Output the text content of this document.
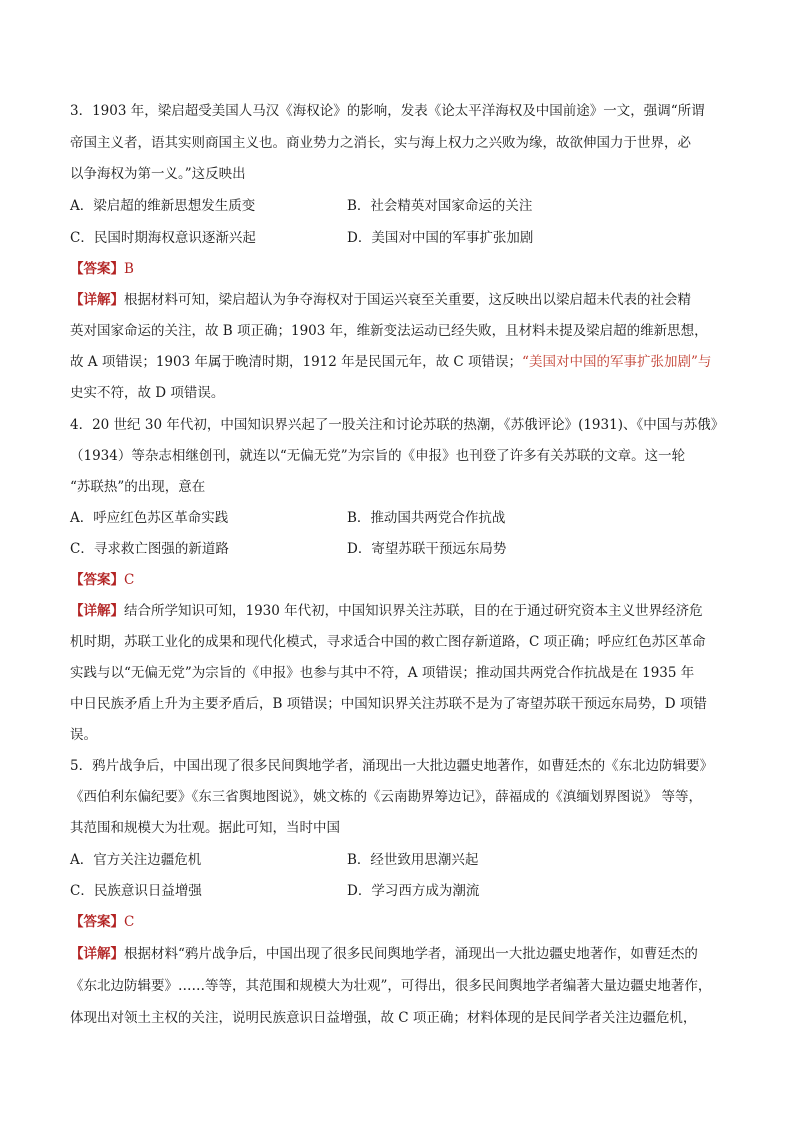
3．1903 年，梁启超受美国人马汉《海权论》的影响，发表《论太平洋海权及中国前途》一文，强调“所谓
帝国主义者，语其实则商国主义也。商业势力之消长，实与海上权力之兴败为缘，故欲伸国力于世界，必
以争海权为第一义。”这反映出
A．梁启超的维新思想发生质变	B．社会精英对国家命运的关注
C．民国时期海权意识逐渐兴起	D．美国对中国的军事扩张加剧
【答案】B
【详解】根据材料可知，梁启超认为争夺海权对于国运兴衰至关重要，这反映出以梁启超未代表的社会精
英对国家命运的关注，故 B 项正确；1903 年，维新变法运动已经失败，且材料未提及梁启超的维新思想，
故 A 项错误；1903 年属于晚清时期，1912 年是民国元年，故 C 项错误；“美国对中国的军事扩张加剧”与
史实不符，故 D 项错误。
4．20 世纪 30 年代初，中国知识界兴起了一股关注和讨论苏联的热潮，《苏俄评论》(1931)、《中国与苏俄》
（1934）等杂志相继创刊，就连以“无偏无党”为宗旨的《申报》也刊登了许多有关苏联的文章。这一轮
“苏联热”的出现，意在
A．呼应红色苏区革命实践	B．推动国共两党合作抗战
C．寻求救亡图强的新道路	D．寄望苏联干预远东局势
【答案】C
【详解】结合所学知识可知，1930 年代初，中国知识界关注苏联，目的在于通过研究资本主义世界经济危
机时期，苏联工业化的成果和现代化模式，寻求适合中国的救亡图存新道路，C 项正确；呼应红色苏区革命
实践与以“无偏无党”为宗旨的《申报》也参与其中不符，A 项错误；推动国共两党合作抗战是在 1935 年
中日民族矛盾上升为主要矛盾后，B 项错误；中国知识界关注苏联不是为了寄望苏联干预远东局势，D 项错
误。
5．鸦片战争后，中国出现了很多民间舆地学者，涌现出一大批边疆史地著作，如曹廷杰的《东北边防辑要》
《西伯利东偏纪要》《东三省舆地图说》，姚文栋的《云南勘界筹边记》，薛福成的《滇缅划界图说》 等等，
其范围和规模大为壮观。据此可知，当时中国
A．官方关注边疆危机	B．经世致用思潮兴起
C．民族意识日益增强	D．学习西方成为潮流
【答案】C
【详解】根据材料“鸦片战争后，中国出现了很多民间舆地学者，涌现出一大批边疆史地著作，如曹廷杰的
《东北边防辑要》……等等，其范围和规模大为壮观”，可得出，很多民间舆地学者编著大量边疆史地著作，
体现出对领土主权的关注，说明民族意识日益增强，故 C 项正确；材料体现的是民间学者关注边疆危机，
